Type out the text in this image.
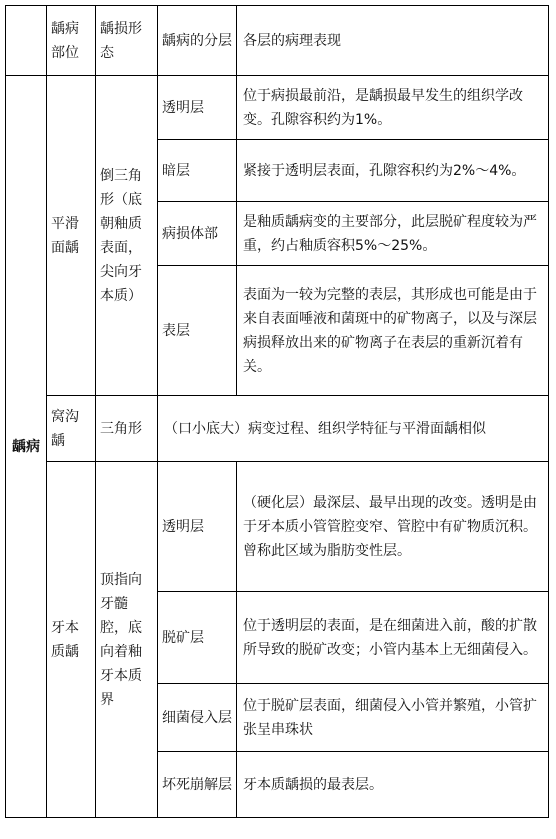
	龋病部位	龋损形态	龋病的分层	各层的病理表现
龋病	平滑面龋	倒三角形（底朝釉质表面，尖向牙本质）	透明层	位于病损最前沿，是龋损最早发生的组织学改变。孔隙容积约为1%。
			暗层	紧接于透明层表面，孔隙容积约为2%～4%。
			病损体部	是釉质龋病变的主要部分，此层脱矿程度较为严重，约占釉质容积5%～25%。
			表层	表面为一较为完整的表层，其形成也可能是由于来自表面唾液和菌斑中的矿物离子，以及与深层病损释放出来的矿物离子在表层的重新沉着有关。
	窝沟龋	三角形	（口小底大）病变过程、组织学特征与平滑面龋相似	
	牙本质龋	顶指向牙髓腔，底向着釉牙本质界	透明层	（硬化层）最深层、最早出现的改变。透明是由于牙本质小管管腔变窄、管腔中有矿物质沉积。曾称此区域为脂肪变性层。
			脱矿层	位于透明层的表面，是在细菌进入前，酸的扩散所导致的脱矿改变；小管内基本上无细菌侵入。
			细菌侵入层	位于脱矿层表面，细菌侵入小管并繁殖，小管扩张呈串珠状
			坏死崩解层	牙本质龋损的最表层。
